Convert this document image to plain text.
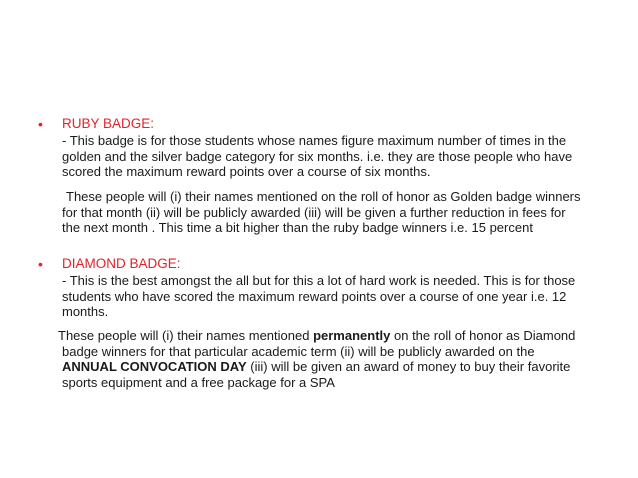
• RUBY BADGE:

- This badge is for those students whose names figure maximum number of times in the golden and the silver badge category for six months. i.e. they are those people who have scored the maximum reward points over a course of six months.

These people will (i) their names mentioned on the roll of honor as Golden badge winners for that month (ii) will be publicly awarded (iii) will be given a further reduction in fees for the next month . This time a bit higher than the ruby badge winners i.e. 15 percent

• DIAMOND BADGE:

- This is the best amongst the all but for this a lot of hard work is needed. This is for those students who have scored the maximum reward points over a course of one year i.e. 12 months.

These people will (i) their names mentioned permanently on the roll of honor as Diamond badge winners for that particular academic term (ii) will be publicly awarded on the ANNUAL CONVOCATION DAY (iii) will be given an award of money to buy their favorite sports equipment and a free package for a SPA
